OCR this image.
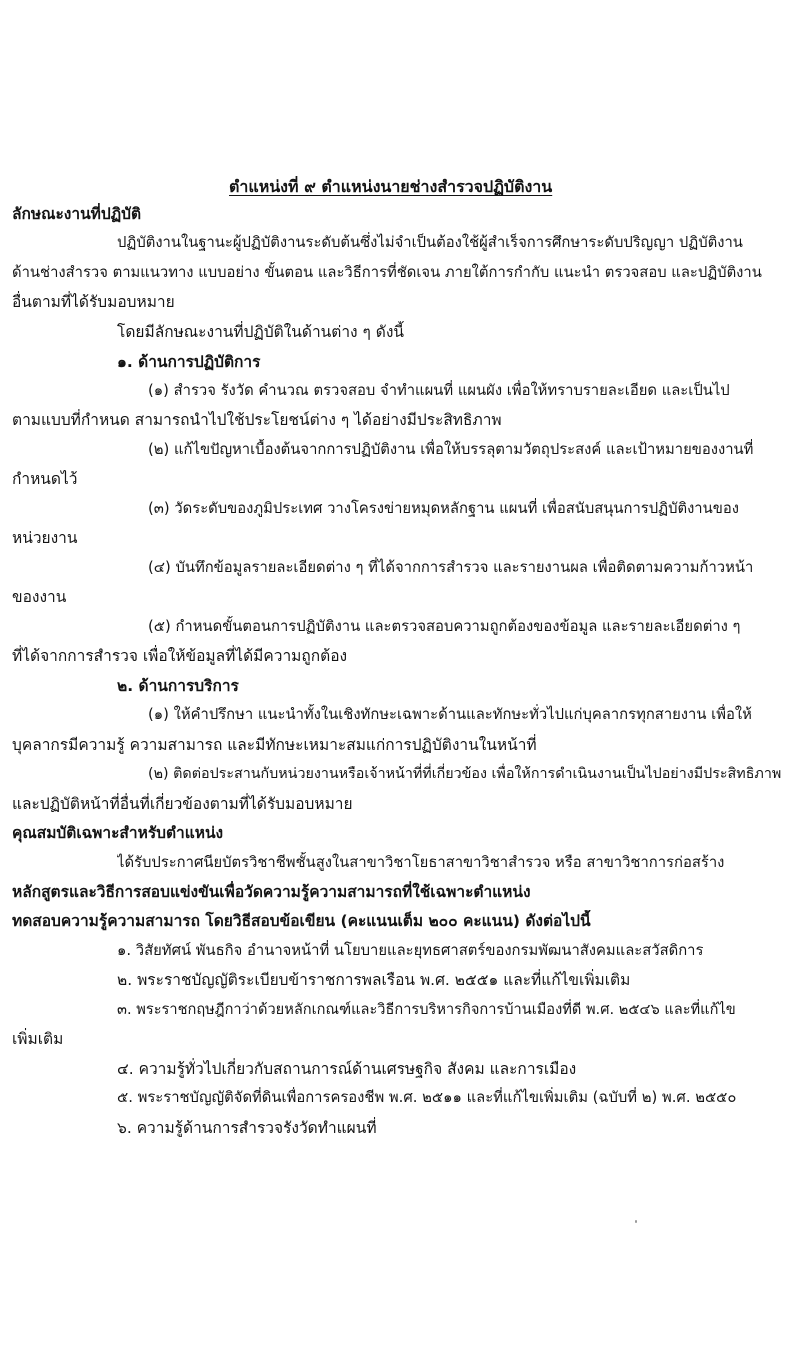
ตำแหน่งที่ ๙ ตำแหน่งนายช่างสำรวจปฏิบัติงาน
ลักษณะงานที่ปฏิบัติ
ปฏิบัติงานในฐานะผู้ปฏิบัติงานระดับต้นซึ่งไม่จำเป็นต้องใช้ผู้สำเร็จการศึกษาระดับปริญญา ปฏิบัติงาน
ด้านช่างสำรวจ ตามแนวทาง แบบอย่าง ขั้นตอน และวิธีการที่ชัดเจน ภายใต้การกำกับ แนะนำ ตรวจสอบ และปฏิบัติงาน
อื่นตามที่ได้รับมอบหมาย
โดยมีลักษณะงานที่ปฏิบัติในด้านต่าง ๆ ดังนี้
๑. ด้านการปฏิบัติการ
(๑) สำรวจ รังวัด คำนวณ ตรวจสอบ จำทำแผนที่ แผนผัง เพื่อให้ทราบรายละเอียด และเป็นไป
ตามแบบที่กำหนด สามารถนำไปใช้ประโยชน์ต่าง ๆ ได้อย่างมีประสิทธิภาพ
(๒) แก้ไขปัญหาเบื้องต้นจากการปฏิบัติงาน เพื่อให้บรรลุตามวัตถุประสงค์ และเป้าหมายของงานที่
กำหนดไว้
(๓) วัดระดับของภูมิประเทศ วางโครงข่ายหมุดหลักฐาน แผนที่ เพื่อสนับสนุนการปฏิบัติงานของ
หน่วยงาน
(๔) บันทึกข้อมูลรายละเอียดต่าง ๆ ที่ได้จากการสำรวจ และรายงานผล เพื่อติดตามความก้าวหน้า
ของงาน
(๕) กำหนดขั้นตอนการปฏิบัติงาน และตรวจสอบความถูกต้องของข้อมูล และรายละเอียดต่าง ๆ
ที่ได้จากการสำรวจ เพื่อให้ข้อมูลที่ได้มีความถูกต้อง
๒. ด้านการบริการ
(๑) ให้คำปรึกษา แนะนำทั้งในเชิงทักษะเฉพาะด้านและทักษะทั่วไปแก่บุคลากรทุกสายงาน เพื่อให้
บุคลากรมีความรู้ ความสามารถ และมีทักษะเหมาะสมแก่การปฏิบัติงานในหน้าที่
(๒) ติดต่อประสานกับหน่วยงานหรือเจ้าหน้าที่ที่เกี่ยวข้อง เพื่อให้การดำเนินงานเป็นไปอย่างมีประสิทธิภาพ
และปฏิบัติหน้าที่อื่นที่เกี่ยวข้องตามที่ได้รับมอบหมาย
คุณสมบัติเฉพาะสำหรับตำแหน่ง
ได้รับประกาศนียบัตรวิชาชีพชั้นสูงในสาขาวิชาโยธาสาขาวิชาสำรวจ หรือ สาขาวิชาการก่อสร้าง
หลักสูตรและวิธีการสอบแข่งขันเพื่อวัดความรู้ความสามารถที่ใช้เฉพาะตำแหน่ง
ทดสอบความรู้ความสามารถ โดยวิธีสอบข้อเขียน (คะแนนเต็ม ๒๐๐ คะแนน) ดังต่อไปนี้
๑. วิสัยทัศน์ พันธกิจ อำนาจหน้าที่ นโยบายและยุทธศาสตร์ของกรมพัฒนาสังคมและสวัสดิการ
๒. พระราชบัญญัติระเบียบข้าราชการพลเรือน พ.ศ. ๒๕๕๑ และที่แก้ไขเพิ่มเติม
๓. พระราชกฤษฎีกาว่าด้วยหลักเกณฑ์และวิธีการบริหารกิจการบ้านเมืองที่ดี พ.ศ. ๒๕๔๖ และที่แก้ไข
เพิ่มเติม
๔. ความรู้ทั่วไปเกี่ยวกับสถานการณ์ด้านเศรษฐกิจ สังคม และการเมือง
๕. พระราชบัญญัติจัดที่ดินเพื่อการครองชีพ พ.ศ. ๒๕๑๑ และที่แก้ไขเพิ่มเติม (ฉบับที่ ๒) พ.ศ. ๒๕๕๐
๖. ความรู้ด้านการสำรวจรังวัดทำแผนที่
